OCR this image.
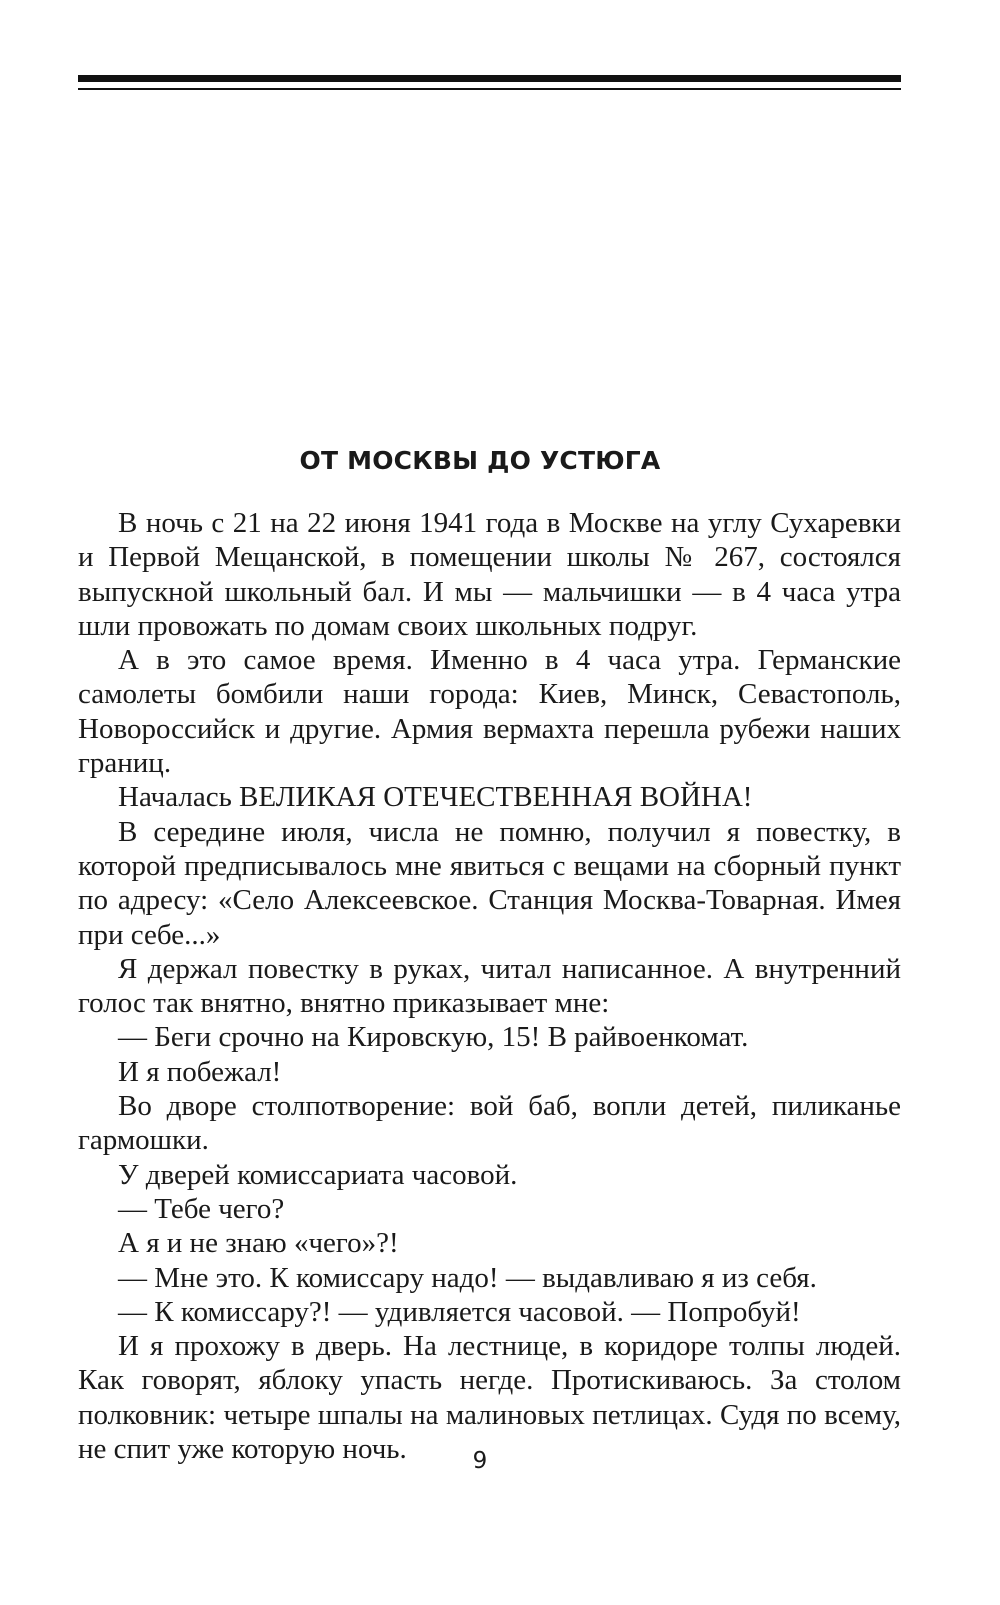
ОТ МОСКВЫ ДО УСТЮГА

В ночь с 21 на 22 июня 1941 года в Москве на углу Сухаревки и Первой Мещанской, в помещении школы № 267, состоялся выпускной школьный бал. И мы — мальчишки — в 4 часа утра шли провожать по домам своих школьных подруг.

А в это самое время. Именно в 4 часа утра. Германские самолеты бомбили наши города: Киев, Минск, Севастополь, Новороссийск и другие. Армия вермахта перешла рубежи наших границ.

Началась ВЕЛИКАЯ ОТЕЧЕСТВЕННАЯ ВОЙНА!

В середине июля, числа не помню, получил я повестку, в которой предписывалось мне явиться с вещами на сборный пункт по адресу: «Село Алексеевское. Станция Москва-Товарная. Имея при себе...»

Я держал повестку в руках, читал написанное. А внутренний голос так внятно, внятно приказывает мне:

— Беги срочно на Кировскую, 15! В райвоенкомат.

И я побежал!

Во дворе столпотворение: вой баб, вопли детей, пиликанье гармошки.

У дверей комиссариата часовой.

— Тебе чего?

А я и не знаю «чего»?!

— Мне это. К комиссару надо! — выдавливаю я из себя.

— К комиссару?! — удивляется часовой. — Попробуй!

И я прохожу в дверь. На лестнице, в коридоре толпы людей. Как говорят, яблоку упасть негде. Протискиваюсь. За столом полковник: четыре шпалы на малиновых петлицах. Судя по всему, не спит уже которую ночь.	9
